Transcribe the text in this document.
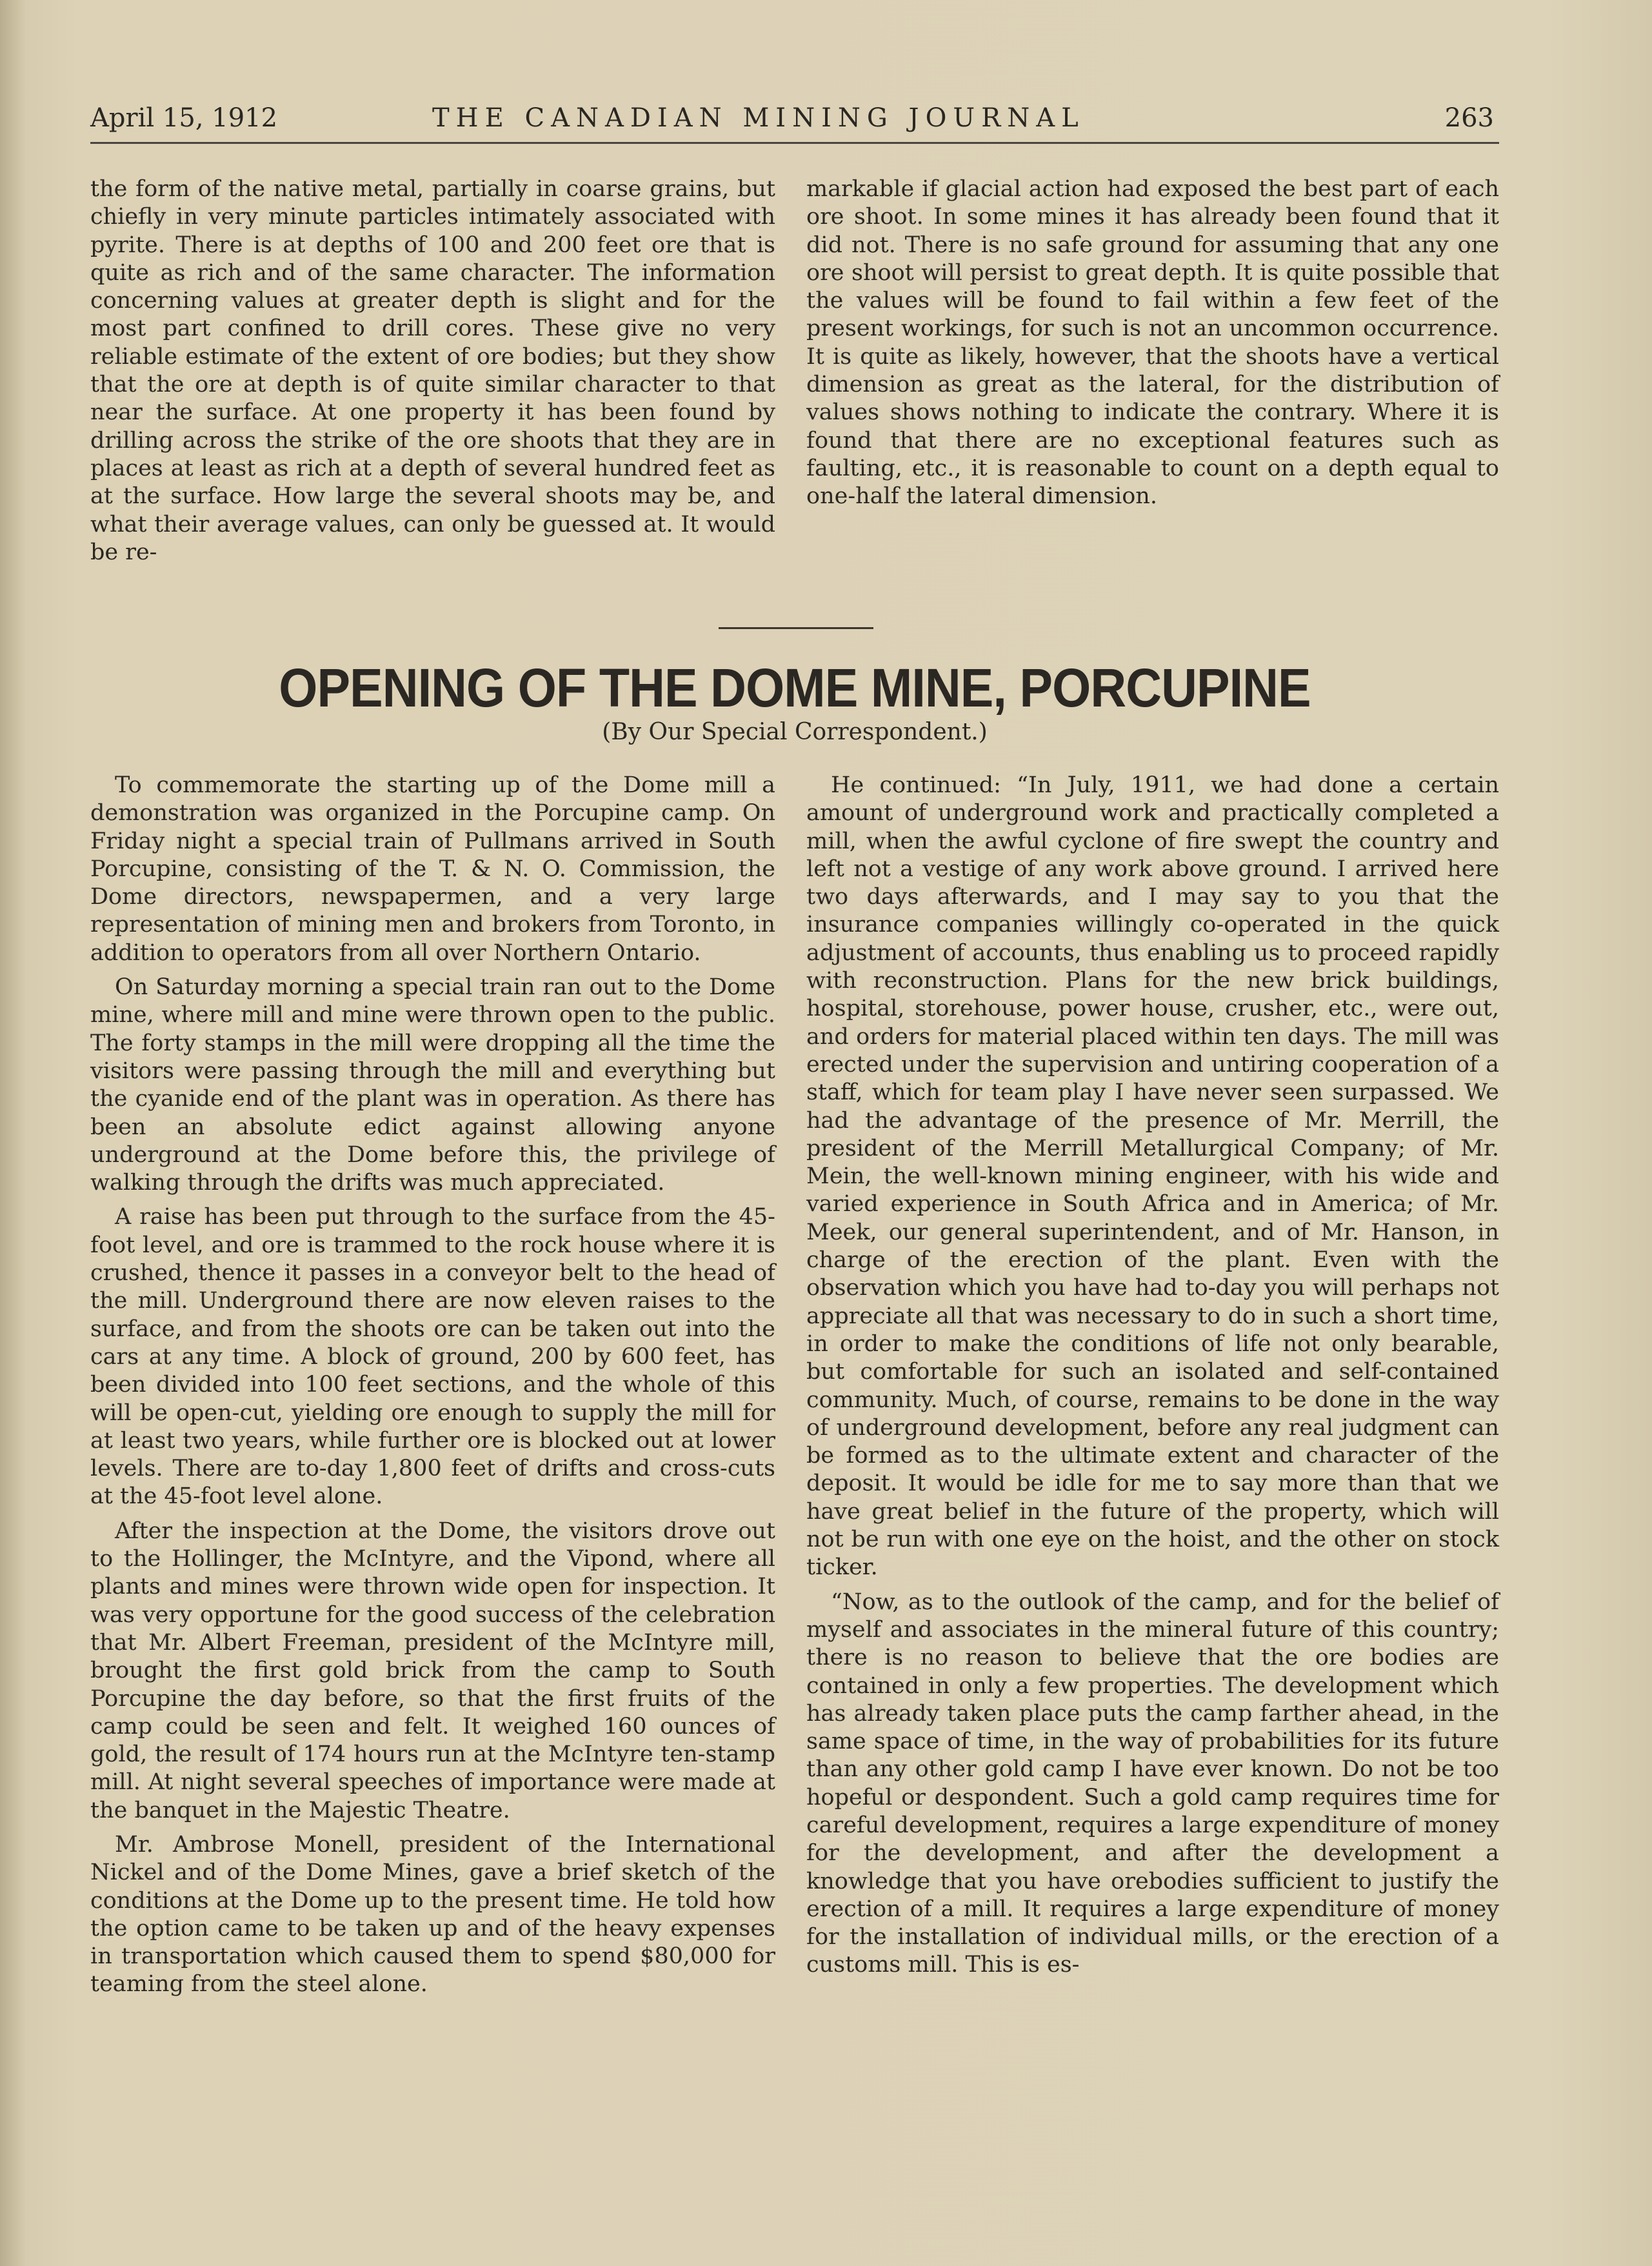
April 15, 1912	THE CANADIAN MINING JOURNAL	263

the form of the native metal, partially in coarse grains, but chiefly in very minute particles intimately associated with pyrite. There is at depths of 100 and 200 feet ore that is quite as rich and of the same character. The information concerning values at greater depth is slight and for the most part confined to drill cores. These give no very reliable estimate of the extent of ore bodies; but they show that the ore at depth is of quite similar character to that near the surface. At one property it has been found by drilling across the strike of the ore shoots that they are in places at least as rich at a depth of several hundred feet as at the surface. How large the several shoots may be, and what their average values, can only be guessed at. It would be re-

markable if glacial action had exposed the best part of each ore shoot. In some mines it has already been found that it did not. There is no safe ground for assuming that any one ore shoot will persist to great depth. It is quite possible that the values will be found to fail within a few feet of the present workings, for such is not an uncommon occurrence. It is quite as likely, however, that the shoots have a vertical dimension as great as the lateral, for the distribution of values shows nothing to indicate the contrary. Where it is found that there are no exceptional features such as faulting, etc., it is reasonable to count on a depth equal to one-half the lateral dimension.

OPENING OF THE DOME MINE, PORCUPINE
(By Our Special Correspondent.)

To commemorate the starting up of the Dome mill a demonstration was organized in the Porcupine camp. On Friday night a special train of Pullmans arrived in South Porcupine, consisting of the T. & N. O. Commission, the Dome directors, newspapermen, and a very large representation of mining men and brokers from Toronto, in addition to operators from all over Northern Ontario.

On Saturday morning a special train ran out to the Dome mine, where mill and mine were thrown open to the public. The forty stamps in the mill were dropping all the time the visitors were passing through the mill and everything but the cyanide end of the plant was in operation. As there has been an absolute edict against allowing anyone underground at the Dome before this, the privilege of walking through the drifts was much appreciated.

A raise has been put through to the surface from the 45-foot level, and ore is trammed to the rock house where it is crushed, thence it passes in a conveyor belt to the head of the mill. Underground there are now eleven raises to the surface, and from the shoots ore can be taken out into the cars at any time. A block of ground, 200 by 600 feet, has been divided into 100 feet sections, and the whole of this will be open-cut, yielding ore enough to supply the mill for at least two years, while further ore is blocked out at lower levels. There are to-day 1,800 feet of drifts and cross-cuts at the 45-foot level alone.

After the inspection at the Dome, the visitors drove out to the Hollinger, the McIntyre, and the Vipond, where all plants and mines were thrown wide open for inspection. It was very opportune for the good success of the celebration that Mr. Albert Freeman, president of the McIntyre mill, brought the first gold brick from the camp to South Porcupine the day before, so that the first fruits of the camp could be seen and felt. It weighed 160 ounces of gold, the result of 174 hours run at the McIntyre ten-stamp mill. At night several speeches of importance were made at the banquet in the Majestic Theatre.

Mr. Ambrose Monell, president of the International Nickel and of the Dome Mines, gave a brief sketch of the conditions at the Dome up to the present time. He told how the option came to be taken up and of the heavy expenses in transportation which caused them to spend $80,000 for teaming from the steel alone.

He continued: “In July, 1911, we had done a certain amount of underground work and practically completed a mill, when the awful cyclone of fire swept the country and left not a vestige of any work above ground. I arrived here two days afterwards, and I may say to you that the insurance companies willingly co-operated in the quick adjustment of accounts, thus enabling us to proceed rapidly with reconstruction. Plans for the new brick buildings, hospital, storehouse, power house, crusher, etc., were out, and orders for material placed within ten days. The mill was erected under the supervision and untiring cooperation of a staff, which for team play I have never seen surpassed. We had the advantage of the presence of Mr. Merrill, the president of the Merrill Metallurgical Company; of Mr. Mein, the well-known mining engineer, with his wide and varied experience in South Africa and in America; of Mr. Meek, our general superintendent, and of Mr. Hanson, in charge of the erection of the plant. Even with the observation which you have had to-day you will perhaps not appreciate all that was necessary to do in such a short time, in order to make the conditions of life not only bearable, but comfortable for such an isolated and self-contained community. Much, of course, remains to be done in the way of underground development, before any real judgment can be formed as to the ultimate extent and character of the deposit. It would be idle for me to say more than that we have great belief in the future of the property, which will not be run with one eye on the hoist, and the other on stock ticker.

“Now, as to the outlook of the camp, and for the belief of myself and associates in the mineral future of this country; there is no reason to believe that the ore bodies are contained in only a few properties. The development which has already taken place puts the camp farther ahead, in the same space of time, in the way of probabilities for its future than any other gold camp I have ever known. Do not be too hopeful or despondent. Such a gold camp requires time for careful development, requires a large expenditure of money for the development, and after the development a knowledge that you have orebodies sufficient to justify the erection of a mill. It requires a large expenditure of money for the installation of individual mills, or the erection of a customs mill. This is es-
